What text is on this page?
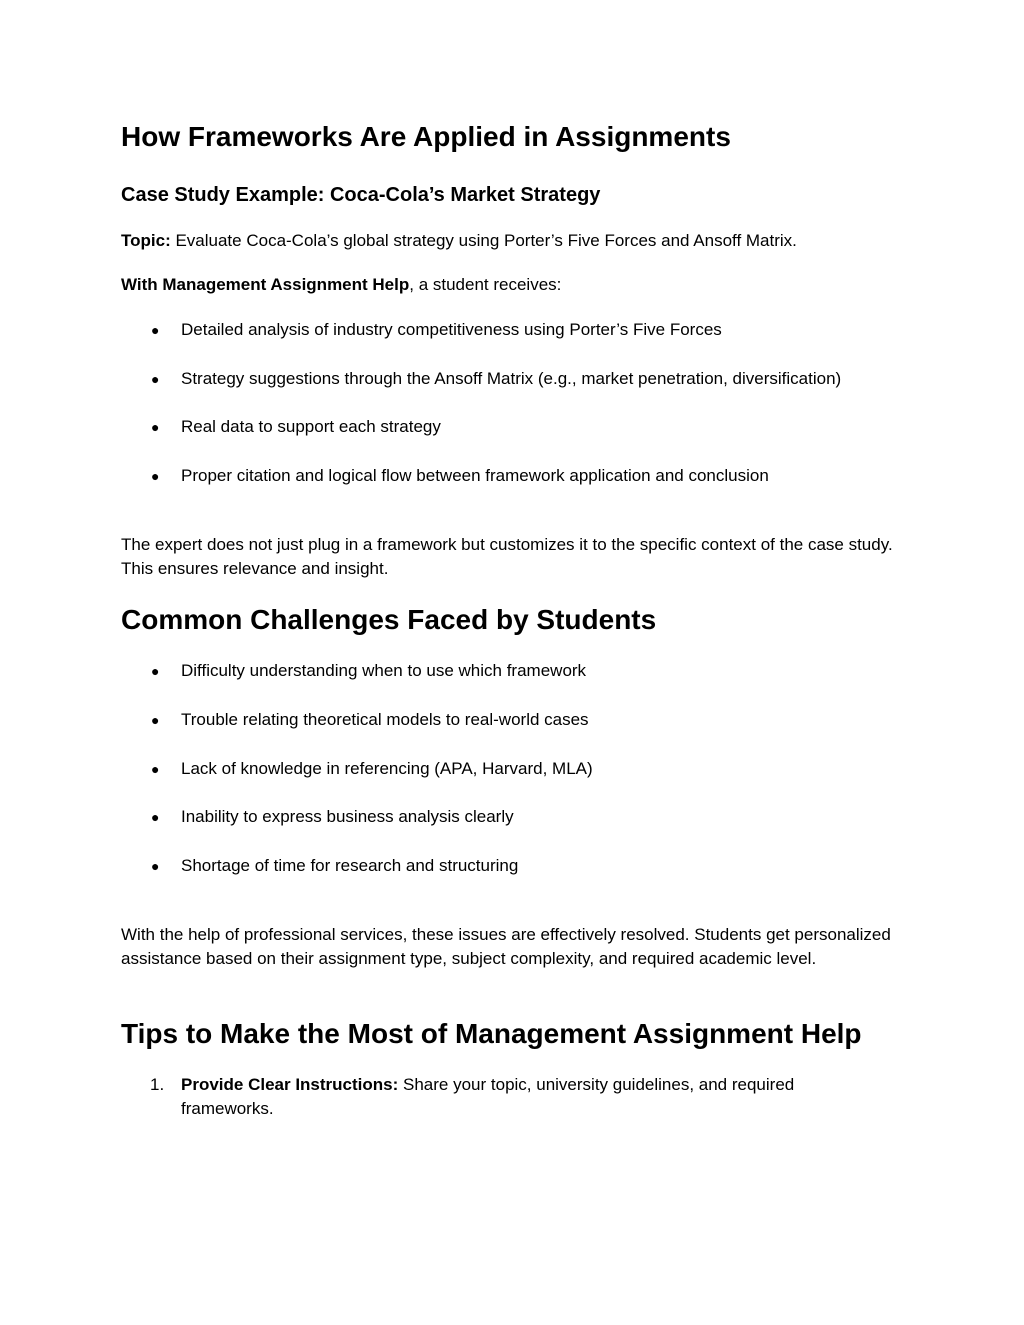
How Frameworks Are Applied in Assignments
Case Study Example: Coca-Cola’s Market Strategy

Topic: Evaluate Coca-Cola’s global strategy using Porter’s Five Forces and Ansoff Matrix.

With Management Assignment Help, a student receives:

● Detailed analysis of industry competitiveness using Porter’s Five Forces
● Strategy suggestions through the Ansoff Matrix (e.g., market penetration, diversification)
● Real data to support each strategy
● Proper citation and logical flow between framework application and conclusion

The expert does not just plug in a framework but customizes it to the specific context of the case study. This ensures relevance and insight.

Common Challenges Faced by Students
● Difficulty understanding when to use which framework
● Trouble relating theoretical models to real-world cases
● Lack of knowledge in referencing (APA, Harvard, MLA)
● Inability to express business analysis clearly
● Shortage of time for research and structuring

With the help of professional services, these issues are effectively resolved. Students get personalized assistance based on their assignment type, subject complexity, and required academic level.

Tips to Make the Most of Management Assignment Help
1. Provide Clear Instructions: Share your topic, university guidelines, and required frameworks.
